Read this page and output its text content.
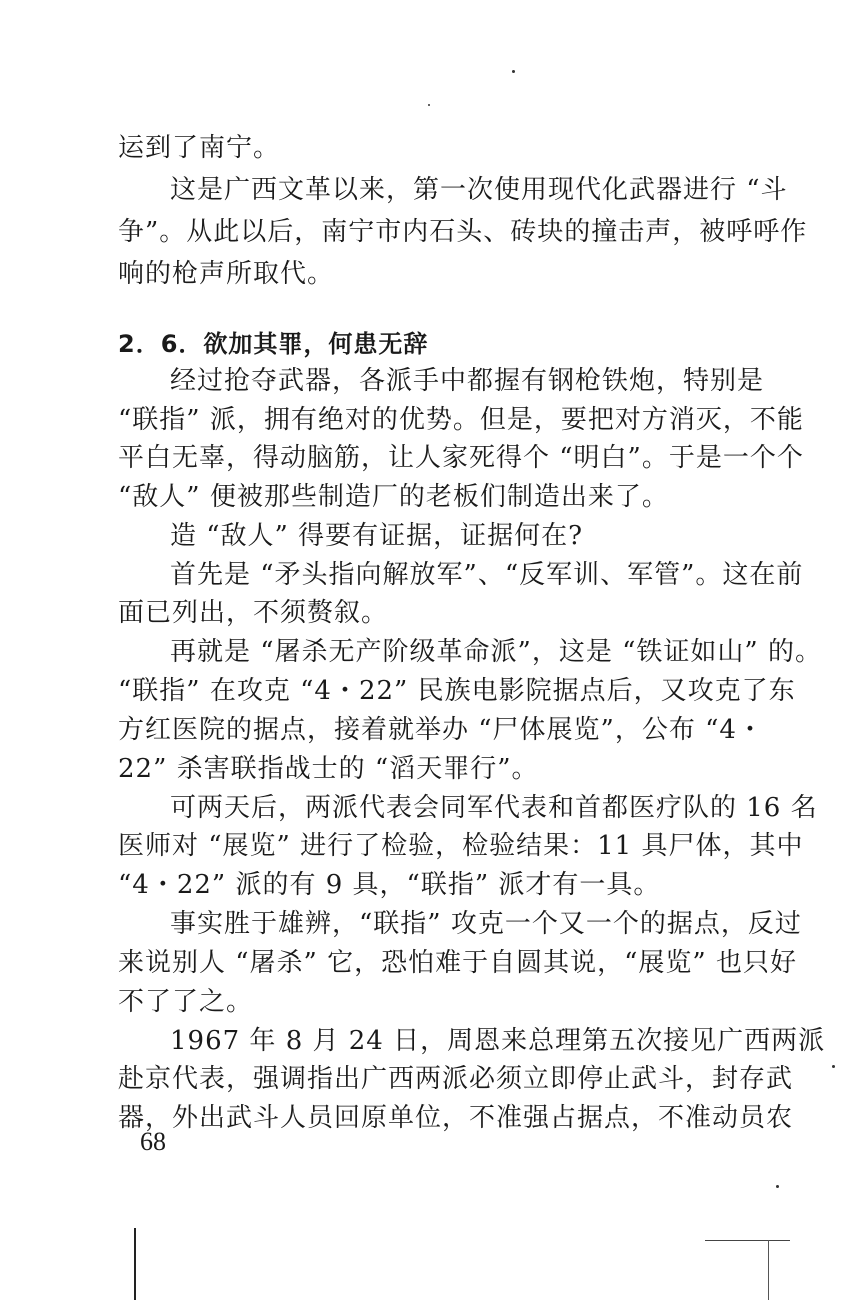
运到了南宁。
这是广西文革以来，第一次使用现代化武器进行 “斗
争”。从此以后，南宁市内石头、砖块的撞击声，被呼呼作
响的枪声所取代。
2．6．欲加其罪，何患无辞
经过抢夺武器，各派手中都握有钢枪铁炮，特别是
“联指” 派，拥有绝对的优势。但是，要把对方消灭，不能
平白无辜，得动脑筋，让人家死得个 “明白”。于是一个个
“敌人” 便被那些制造厂的老板们制造出来了。
造 “敌人” 得要有证据，证据何在?
首先是 “矛头指向解放军”、“反军训、军管”。这在前
面已列出，不须赘叙。
再就是 “屠杀无产阶级革命派”，这是 “铁证如山” 的。
“联指” 在攻克 “4・22” 民族电影院据点后，又攻克了东
方红医院的据点，接着就举办 “尸体展览”，公布 “4・
22” 杀害联指战士的 “滔天罪行”。
可两天后，两派代表会同军代表和首都医疗队的 16 名
医师对 “展览” 进行了检验，检验结果：11 具尸体，其中
“4・22” 派的有 9 具，“联指” 派才有一具。
事实胜于雄辨，“联指” 攻克一个又一个的据点，反过
来说别人 “屠杀” 它，恐怕难于自圆其说，“展览” 也只好
不了了之。
1967 年 8 月 24 日，周恩来总理第五次接见广西两派
赴京代表，强调指出广西两派必须立即停止武斗，封存武
器，外出武斗人员回原单位，不准强占据点，不准动员农
68
